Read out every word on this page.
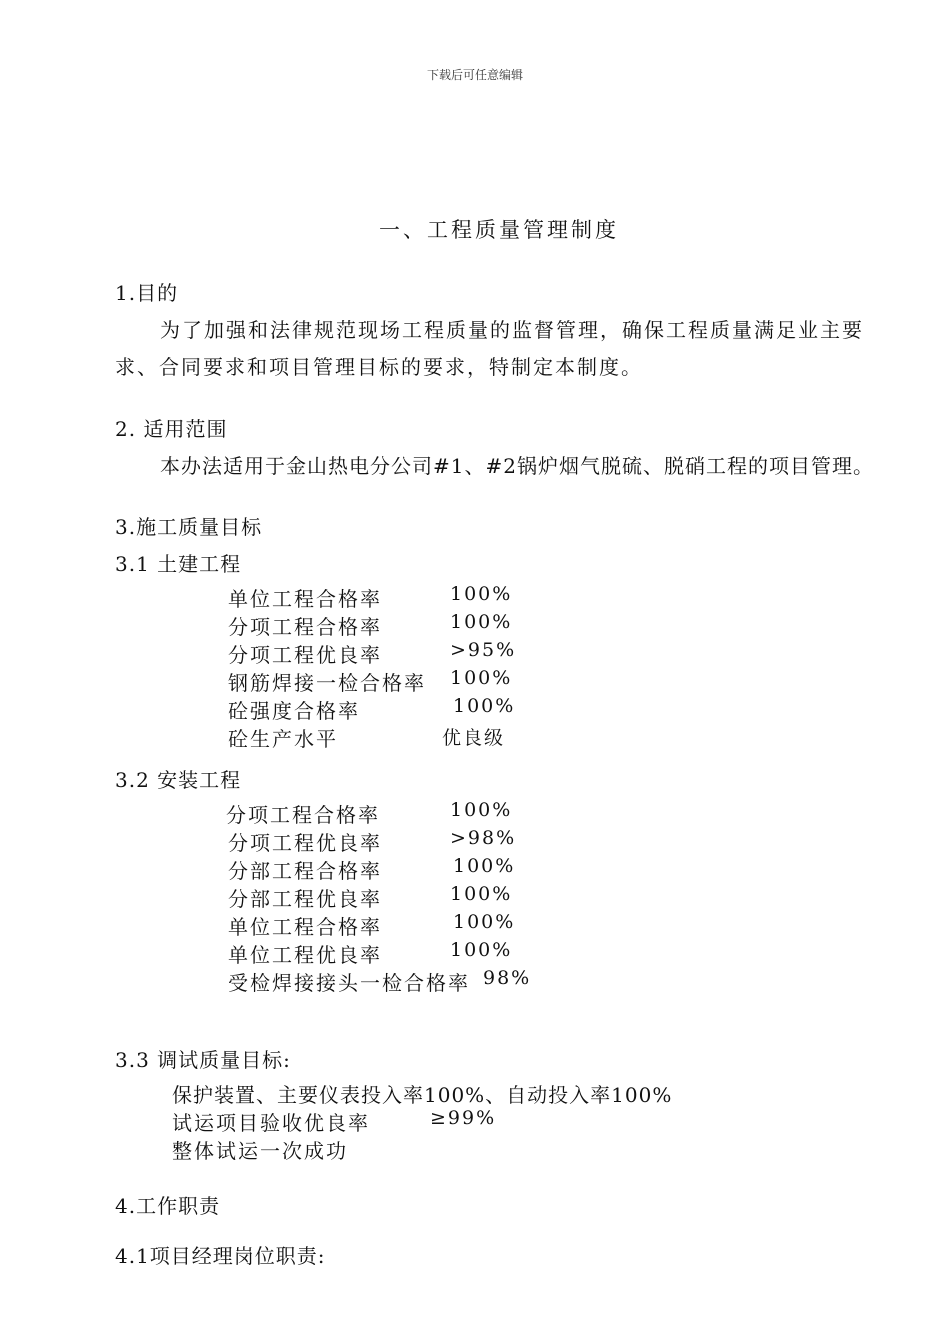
下载后可任意编辑
一、工程质量管理制度
1.目的
为了加强和法律规范现场工程质量的监督管理，确保工程质量满足业主要
求、合同要求和项目管理目标的要求，特制定本制度。
2. 适用范围
本办法适用于金山热电分公司#1、#2锅炉烟气脱硫、脱硝工程的项目管理。
3.施工质量目标
3.1 土建工程
单位工程合格率	100%
分项工程合格率	100%
分项工程优良率	>95%
钢筋焊接一检合格率 100%
砼强度合格率	100%
砼生产水平	优良级
3.2 安装工程
分项工程合格率	100%
分项工程优良率	>98%
分部工程合格率	100%
分部工程优良率	100%
单位工程合格率	100%
单位工程优良率	100%
受检焊接接头一检合格率 98%
3.3 调试质量目标:
保护装置、主要仪表投入率100%、自动投入率100%
试运项目验收优良率	≥99%
整体试运一次成功
4.工作职责
4.1项目经理岗位职责:
